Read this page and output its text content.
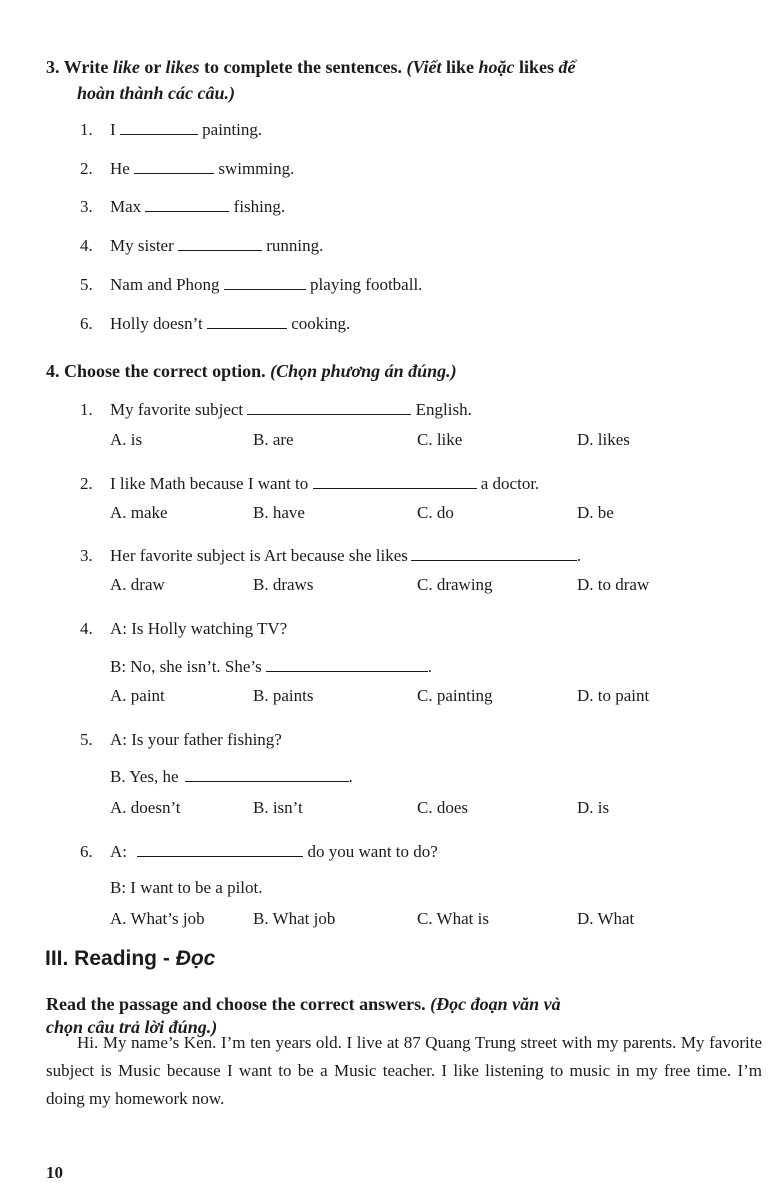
3. Write like or likes to complete the sentences. (Viết like hoặc likes để
hoàn thành các câu.)
1. I	painting.
2. He	swimming.
3. Max	fishing.
4. My sister	running.
5. Nam and Phong	playing football.
6. Holly doesn’t	cooking.
4. Choose the correct option. (Chọn phương án đúng.)
1. My favorite subject	English.
A. is	B. are	C. like	D. likes
2. I like Math because I want to	a doctor.
A. make	B. have	C. do	D. be
3. Her favorite subject is Art because she likes	.
A. draw	B. draws	C. drawing	D. to draw
4. A: Is Holly watching TV?
B: No, she isn’t. She’s	.
A. paint	B. paints	C. painting	D. to paint
5. A: Is your father fishing?
B. Yes, he	.
A. doesn’t	B. isn’t	C. does	D. is
6. A:	do you want to do?
B: I want to be a pilot.
A. What’s job	B. What job	C. What is	D. What
III. Reading - Đọc
Read the passage and choose the correct answers. (Đọc đoạn văn và
chọn câu trả lời đúng.)
Hi. My name’s Ken. I’m ten years old. I live at 87 Quang Trung street with my parents. My favorite subject is Music because I want to be a Music teacher. I like listening to music in my free time. I’m doing my homework now.
10
